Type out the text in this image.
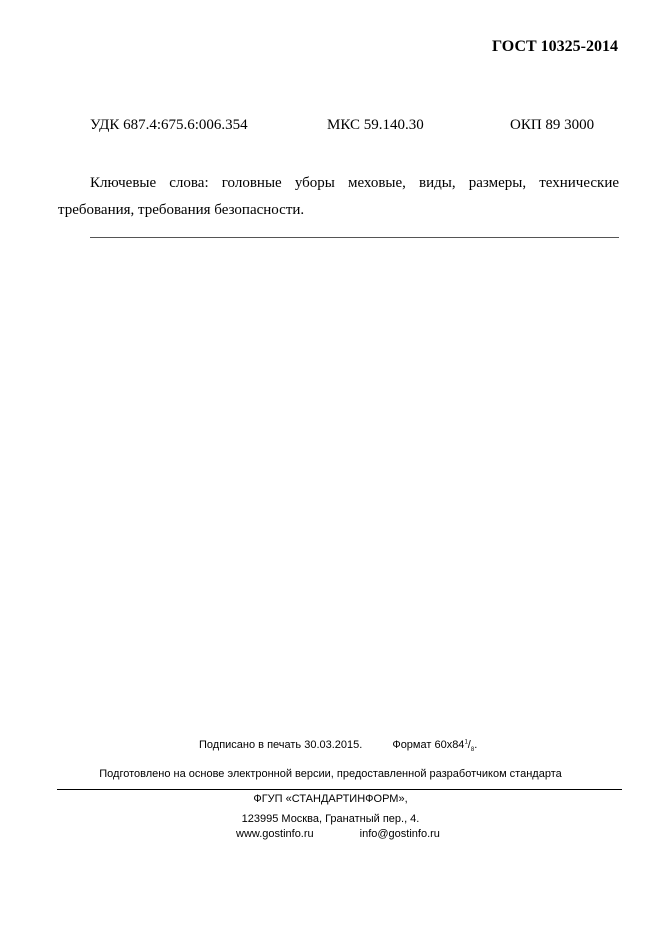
ГОСТ 10325-2014
УДК 687.4:675.6:006.354	МКС 59.140.30	ОКП 89 3000
Ключевые слова: головные уборы меховые, виды, размеры, технические требования, требования безопасности.
Подписано в печать 30.03.2015.	Формат $60x84^1/_8$.
Подготовлено на основе электронной версии, предоставленной разработчиком стандарта
ФГУП «СТАНДАРТИНФОРМ»,
123995 Москва, Гранатный пер., 4.
www.gostinfo.ru	info@gostinfo.ru
